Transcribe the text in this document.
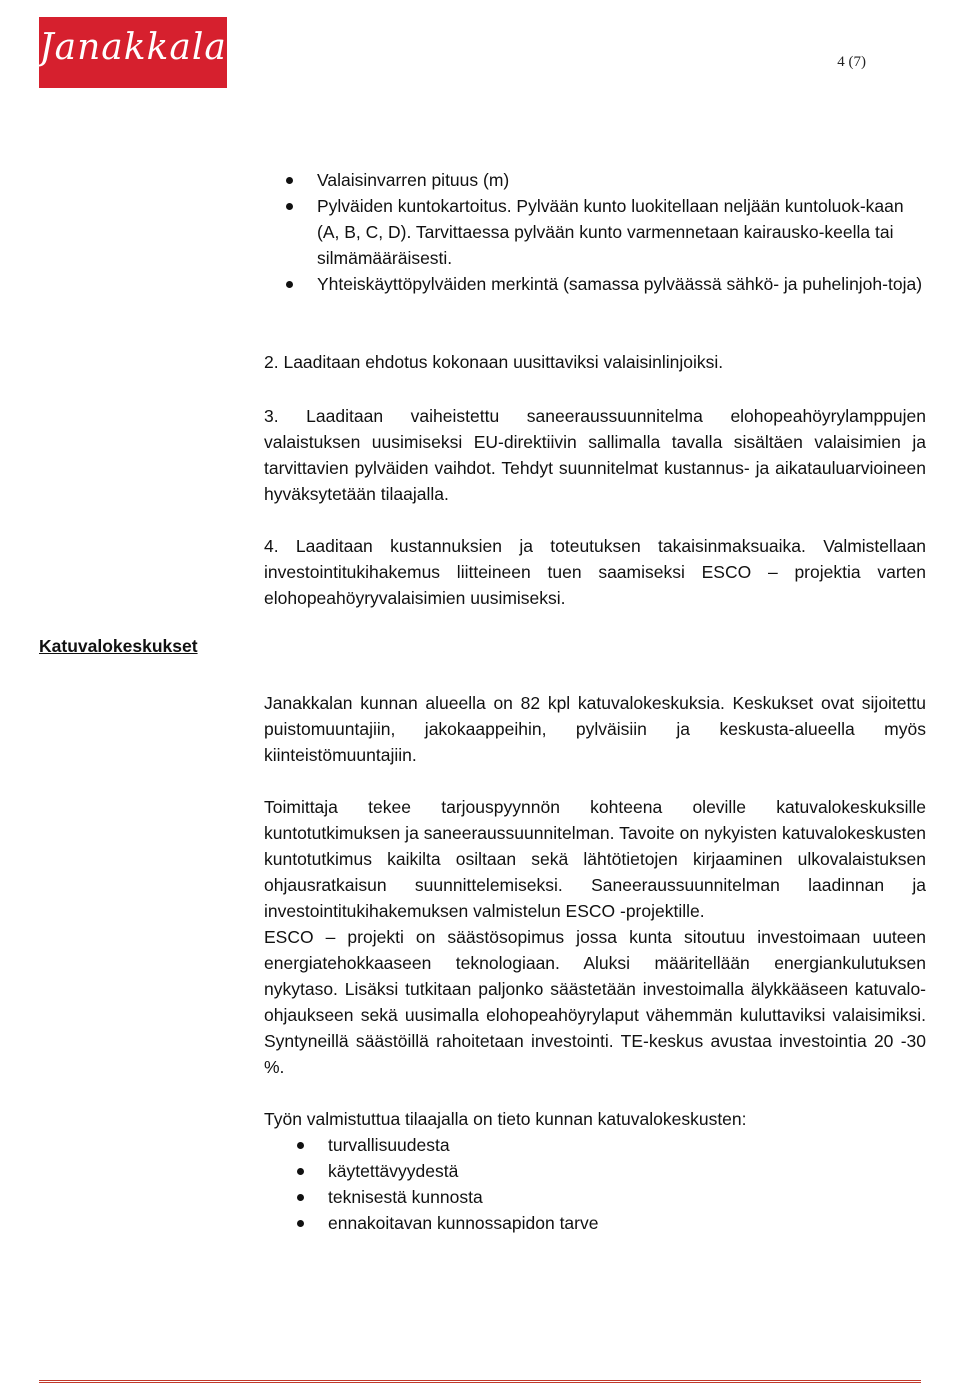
Janakkala	4 (7)
Valaisinvarren pituus (m)
Pylväiden kuntokartoitus. Pylvään kunto luokitellaan neljään kuntoluok-kaan (A, B, C, D). Tarvittaessa pylvään kunto varmennetaan kairausko-keella tai silmämääräisesti.
Yhteiskäyttöpylväiden merkintä (samassa pylväässä sähkö- ja puhelinjoh-toja)

2. Laaditaan ehdotus kokonaan uusittaviksi valaisinlinjoiksi.

3. Laaditaan vaiheistettu saneeraussuunnitelma elohopeahöyrylamppujen valaistuksen uusimiseksi EU-direktiivin sallimalla tavalla sisältäen valaisimien ja tarvittavien pylväiden vaihdot. Tehdyt suunnitelmat kustannus- ja aikatauluarvioineen hyväksytetään tilaajalla.

4. Laaditaan kustannuksien ja toteutuksen takaisinmaksuaika. Valmistellaan investointitukihakemus liitteineen tuen saamiseksi ESCO – projektia varten elohopeahöyryvalaisimien uusimiseksi.

Katuvalokeskukset

Janakkalan kunnan alueella on 82 kpl katuvalokeskuksia. Keskukset ovat sijoitettu puistomuuntajiin, jakokaappeihin, pylväisiin ja keskusta-alueella myös kiinteistömuuntajiin.

Toimittaja tekee tarjouspyynnön kohteena oleville katuvalokeskuksille kuntotutkimuksen ja saneeraussuunnitelman. Tavoite on nykyisten katuvalokeskusten kuntotutkimus kaikilta osiltaan sekä lähtötietojen kirjaaminen ulkovalaistuksen ohjausratkaisun suunnittelemiseksi. Saneeraussuunnitelman laadinnan ja investointitukihakemuksen valmistelun ESCO -projektille.

ESCO – projekti on säästösopimus jossa kunta sitoutuu investoimaan uuteen energiatehokkaaseen teknologiaan. Aluksi määritellään energiankulutuksen nykytaso. Lisäksi tutkitaan paljonko säästetään investoimalla älykkääseen katuvalo-ohjaukseen sekä uusimalla elohopeahöyrylaput vähemmän kuluttaviksi valaisimiksi. Syntyneillä säästöillä rahoitetaan investointi. TE-keskus avustaa investointia 20 -30 %.

Työn valmistuttua tilaajalla on tieto kunnan katuvalokeskusten:

turvallisuudesta
käytettävyydestä
teknisestä kunnosta
ennakoitavan kunnossapidon tarve
